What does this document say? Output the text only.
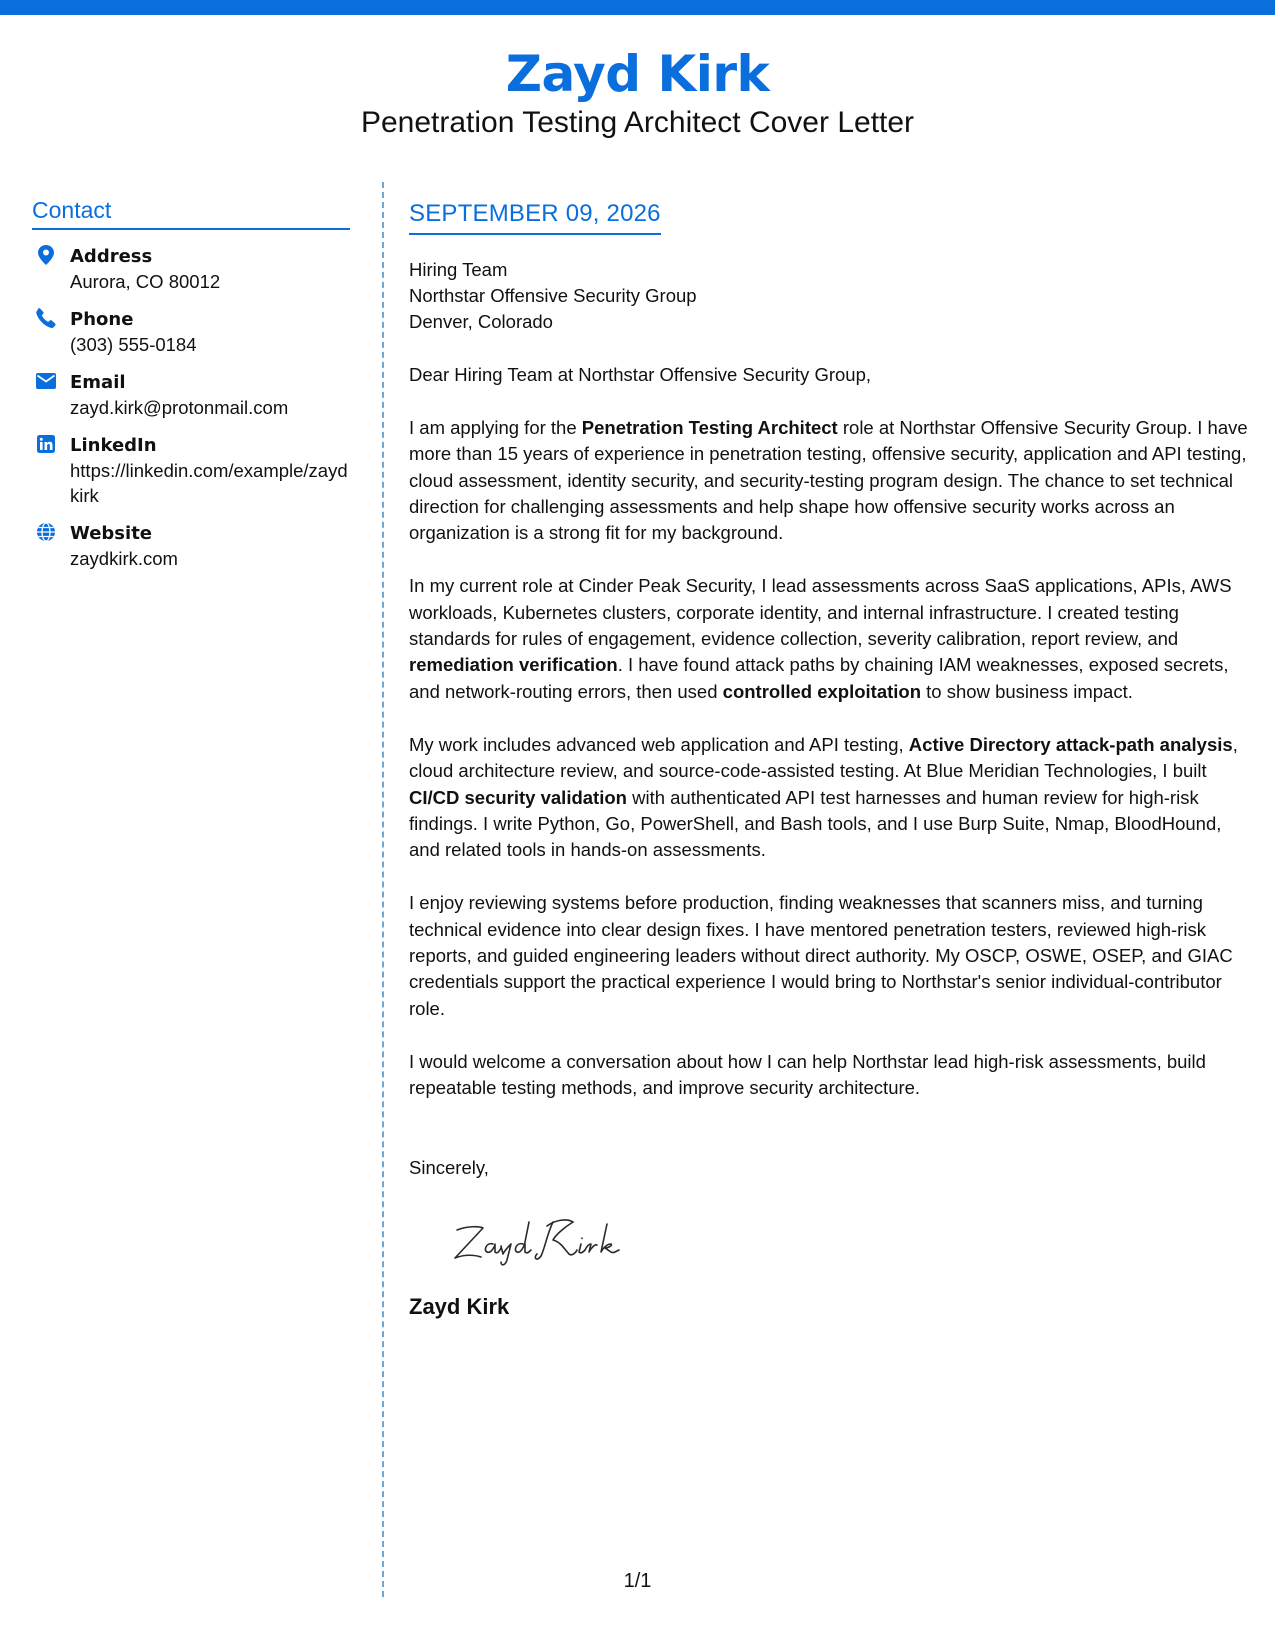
Zayd Kirk
Penetration Testing Architect Cover Letter
Contact
Address
Aurora, CO 80012
Phone
(303) 555-0184
Email
zayd.kirk@protonmail.com
LinkedIn
https://linkedin.com/example/zaydkirk
Website
zaydkirk.com
SEPTEMBER 09, 2026
Hiring Team
Northstar Offensive Security Group
Denver, Colorado
Dear Hiring Team at Northstar Offensive Security Group,

I am applying for the Penetration Testing Architect role at Northstar Offensive Security Group. I have more than 15 years of experience in penetration testing, offensive security, application and API testing, cloud assessment, identity security, and security-testing program design. The chance to set technical direction for challenging assessments and help shape how offensive security works across an organization is a strong fit for my background.

In my current role at Cinder Peak Security, I lead assessments across SaaS applications, APIs, AWS workloads, Kubernetes clusters, corporate identity, and internal infrastructure. I created testing standards for rules of engagement, evidence collection, severity calibration, report review, and remediation verification. I have found attack paths by chaining IAM weaknesses, exposed secrets, and network-routing errors, then used controlled exploitation to show business impact.

My work includes advanced web application and API testing, Active Directory attack-path analysis, cloud architecture review, and source-code-assisted testing. At Blue Meridian Technologies, I built CI/CD security validation with authenticated API test harnesses and human review for high-risk findings. I write Python, Go, PowerShell, and Bash tools, and I use Burp Suite, Nmap, BloodHound, and related tools in hands-on assessments.

I enjoy reviewing systems before production, finding weaknesses that scanners miss, and turning technical evidence into clear design fixes. I have mentored penetration testers, reviewed high-risk reports, and guided engineering leaders without direct authority. My OSCP, OSWE, OSEP, and GIAC credentials support the practical experience I would bring to Northstar's senior individual-contributor role.

I would welcome a conversation about how I can help Northstar lead high-risk assessments, build repeatable testing methods, and improve security architecture.

Sincerely,
Zayd Kirk
1/1
